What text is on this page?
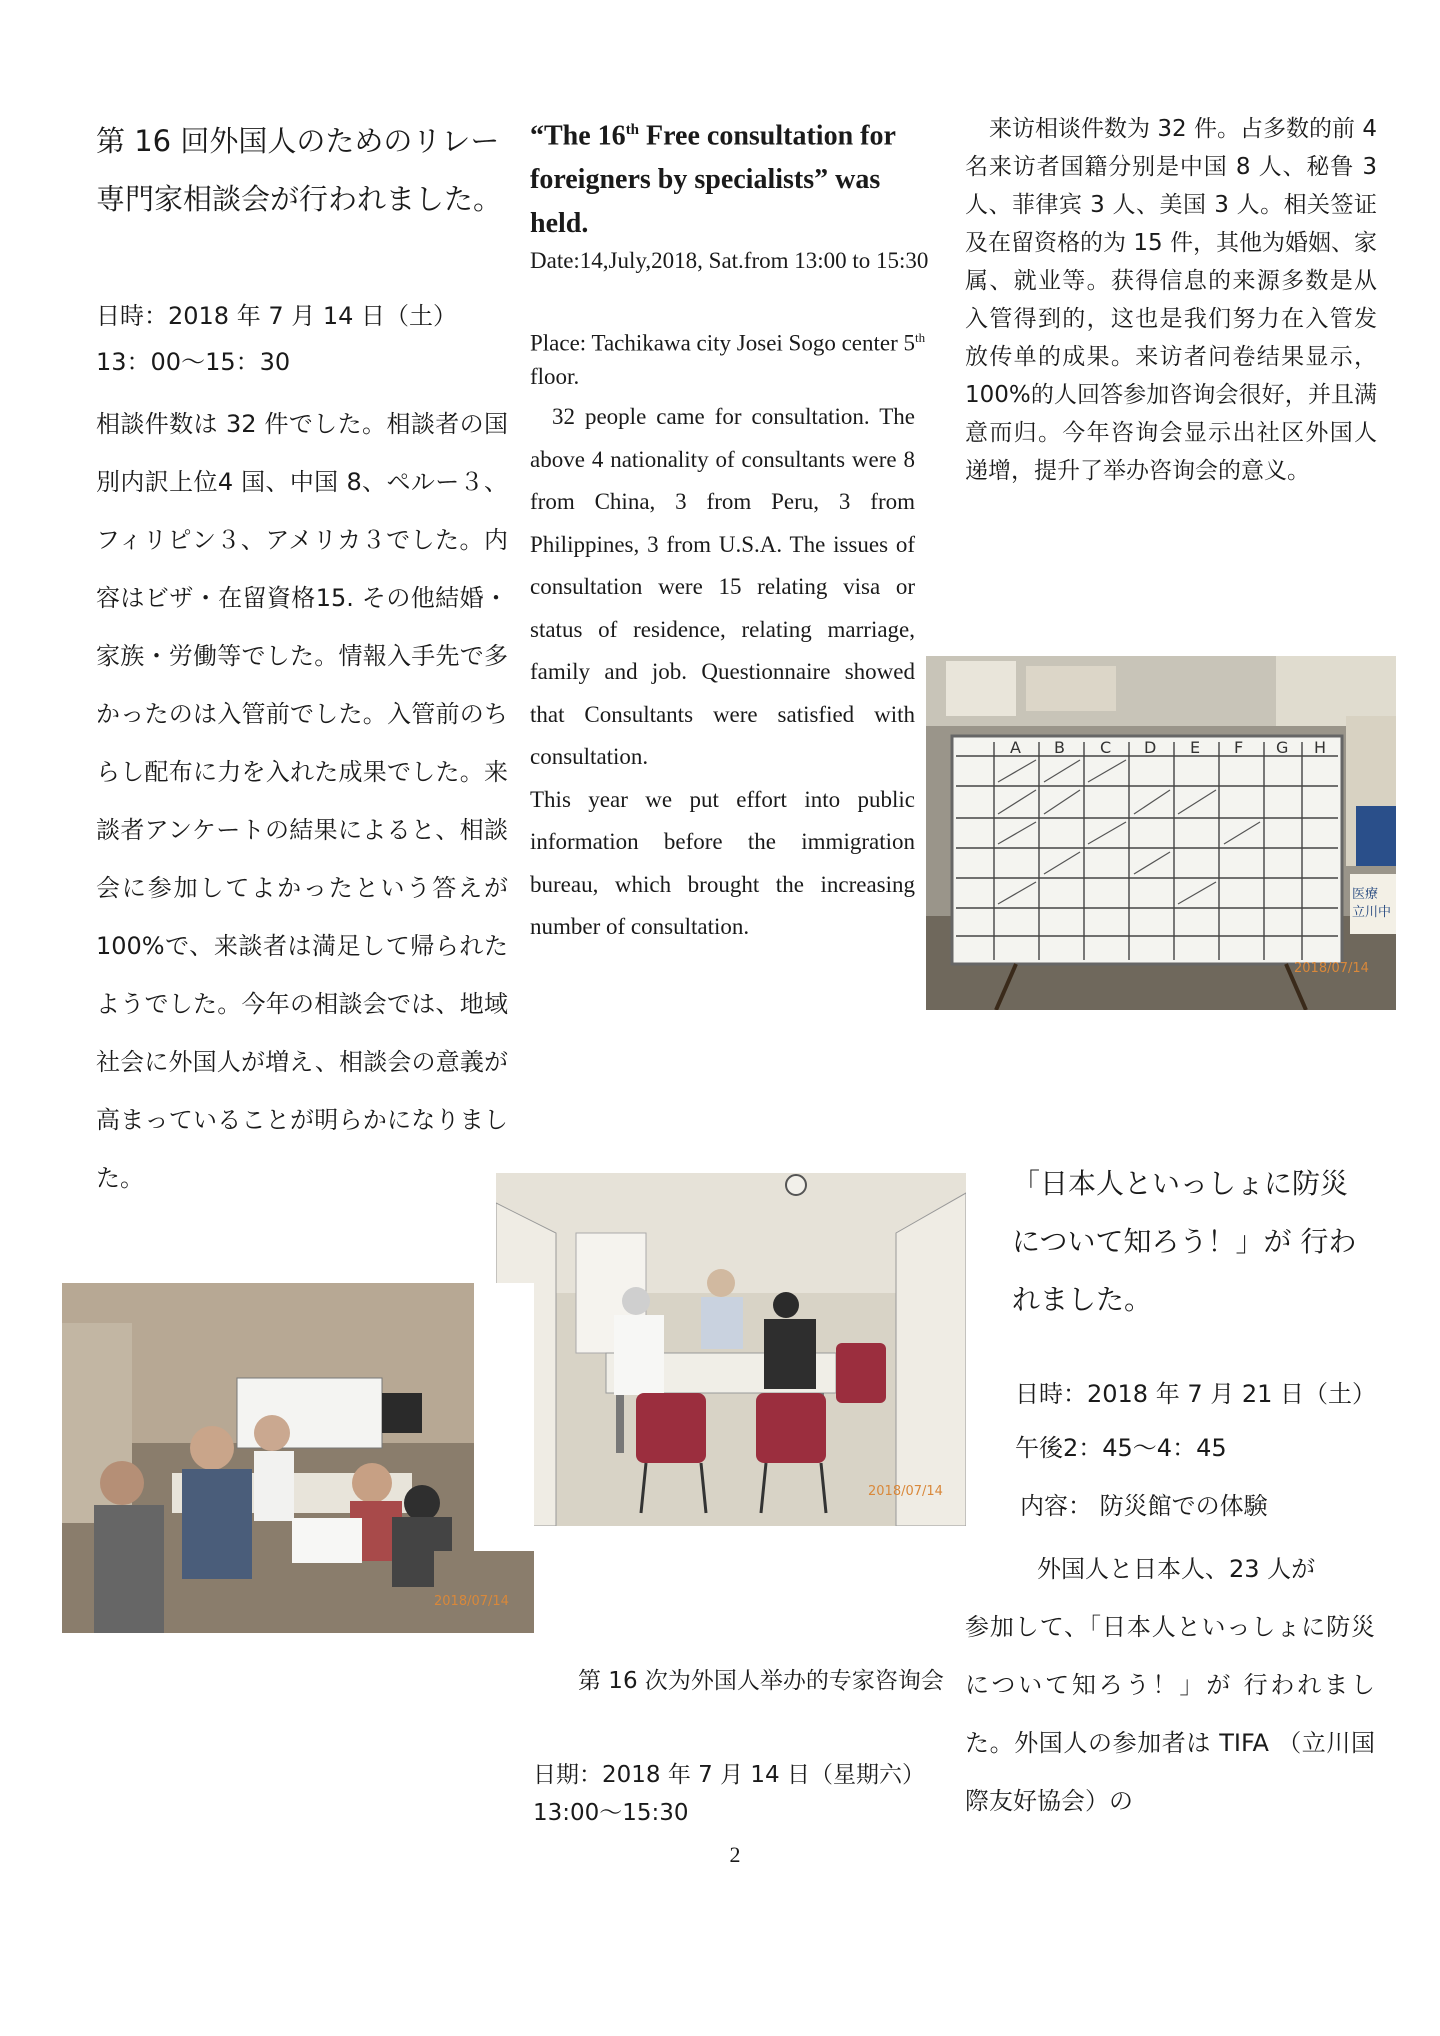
第 16 回外国人のためのリレー専門家相談会が行われました。
日時：2018 年 7 月 14 日（土）
13：00～15：30
相談件数は 32 件でした。相談者の国別内訳上位4 国、中国 8、ペルー３、フィリピン３、アメリカ３でした。内容はビザ・在留資格15. その他結婚・家族・労働等でした。情報入手先で多かったのは入管前でした。入管前のちらし配布に力を入れた成果でした。来談者アンケートの結果によると、相談会に参加してよかったという答えが 100%で、来談者は満足して帰られたようでした。今年の相談会では、地域社会に外国人が増え、相談会の意義が高まっていることが明らかになりました。
“The 16th Free consultation for foreigners by specialists” was held.
Date:14,July,2018, Sat.from 13:00 to 15:30
Place: Tachikawa city Josei Sogo center 5th floor.

32 people came for consultation. The above 4 nationality of consultants were 8 from China, 3 from Peru, 3 from Philippines, 3 from U.S.A. The issues of consultation were 15 relating visa or status of residence, relating marriage, family and job. Questionnaire showed that Consultants were satisfied with consultation.

This year we put effort into public information before the immigration bureau, which brought the increasing number of consultation.

来访相谈件数为 32 件。占多数的前 4 名来访者国籍分别是中国 8 人、秘鲁 3 人、菲律宾 3 人、美国 3 人。相关签证及在留资格的为 15 件，其他为婚姻、家属、就业等。获得信息的来源多数是从入管得到的，这也是我们努力在入管发放传单的成果。来访者问卷结果显示，100%的人回答参加咨询会很好，并且满意而归。今年咨询会显示出社区外国人递增，提升了举办咨询会的意义。
A B C D E F G H
医療立川中
2018/07/14
2018/07/14
2018/07/14
「日本人といっしょに防災について知ろう！」が 行われました。
日時：2018 年 7 月 21 日（土）
午後2：45～4：45
内容： 防災館での体験
外国人と日本人、23 人が
参加して、「日本人といっしょに防災について知ろう！」が 行われました。外国人の参加者は TIFA （立川国際友好協会）の
第 16 次为外国人举办的专家咨询会
日期：2018 年 7 月 14 日（星期六） 13:00～15:30
2
